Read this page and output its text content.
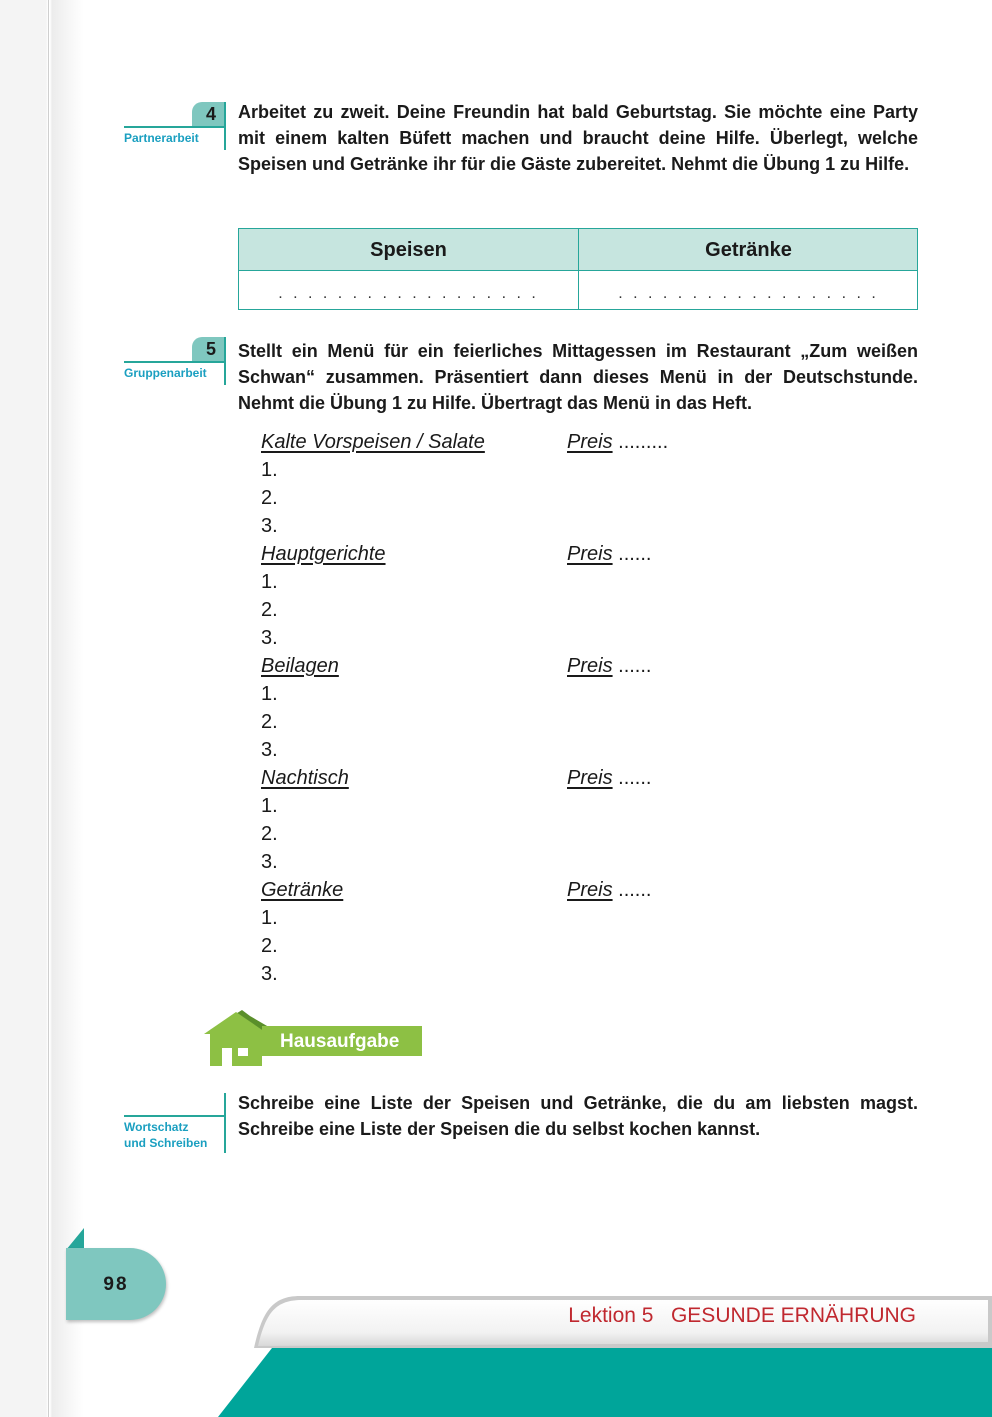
4
Partnerarbeit
Arbeitet zu zweit. Deine Freundin hat bald Geburtstag. Sie möchte eine Party mit einem kalten Büfett machen und braucht deine Hilfe. Überlegt, welche Speisen und Getränke ihr für die Gäste zubereitet. Nehmt die Übung 1 zu Hilfe.
Speisen	Getränke
. . . . . . . . . . . . . . . . . .	. . . . . . . . . . . . . . . . . .
5
Gruppenarbeit
Stellt ein Menü für ein feierliches Mittagessen im Restaurant „Zum weißen Schwan“ zusammen. Präsentiert dann dieses Menü in der Deutschstunde. Nehmt die Übung 1 zu Hilfe. Übertragt das Menü in das Heft.
Kalte Vorspeisen / Salate	Preis .........
1.
2.
3.
Hauptgerichte	Preis ......
1.
2.
3.
Beilagen	Preis ......
1.
2.
3.
Nachtisch	Preis ......
1.
2.
3.
Getränke	Preis ......
1.
2.
3.
Hausaufgabe
Wortschatz
und Schreiben
Schreibe eine Liste der Speisen und Getränke, die du am liebsten magst. Schreibe eine Liste der Speisen die du selbst kochen kannst.
98
Lektion 5 GESUNDE ERNÄHRUNG
